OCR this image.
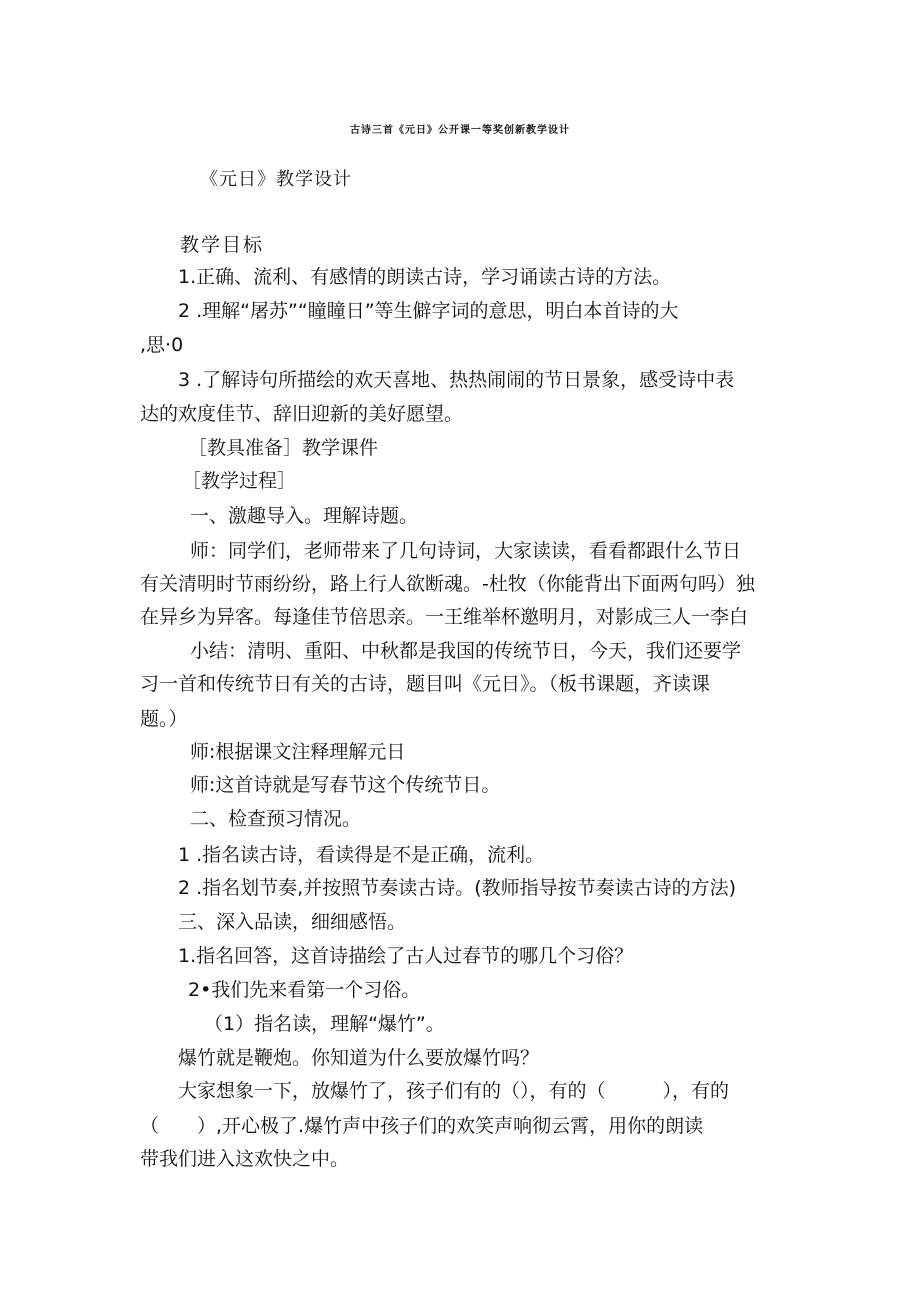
古诗三首《元日》公开课一等奖创新教学设计
《元日》教学设计
教学目标
1.正确、流利、有感情的朗读古诗，学习诵读古诗的方法。
2 .理解“屠苏”“瞳瞳日”等生僻字词的意思，明白本首诗的大
,思·0
3 .了解诗句所描绘的欢天喜地、热热闹闹的节日景象，感受诗中表
达的欢度佳节、辞旧迎新的美好愿望。
［教具准备］教学课件
［教学过程］
一、激趣导入。理解诗题。
师：同学们，老师带来了几句诗词，大家读读，看看都跟什么节日
有关清明时节雨纷纷，路上行人欲断魂。-杜牧（你能背出下面两句吗）独
在异乡为异客。每逢佳节倍思亲。一王维举杯邀明月，对影成三人一李白
小结：清明、重阳、中秋都是我国的传统节日，今天，我们还要学
习一首和传统节日有关的古诗，题目叫《元日》。（板书课题，齐读课
题。）
师:根据课文注释理解元日
师:这首诗就是写春节这个传统节日。
二、检查预习情况。
1 .指名读古诗，看读得是不是正确，流利。
2 .指名划节奏,并按照节奏读古诗。(教师指导按节奏读古诗的方法)
三、深入品读，细细感悟。
1.指名回答，这首诗描绘了古人过春节的哪几个习俗？
2•我们先来看第一个习俗。
（1）指名读，理解“爆竹”。
爆竹就是鞭炮。你知道为什么要放爆竹吗？
大家想象一下，放爆竹了，孩子们有的（），有的（　　　），有的
（　　）,开心极了.爆竹声中孩子们的欢笑声响彻云霄，用你的朗读
带我们进入这欢快之中。
